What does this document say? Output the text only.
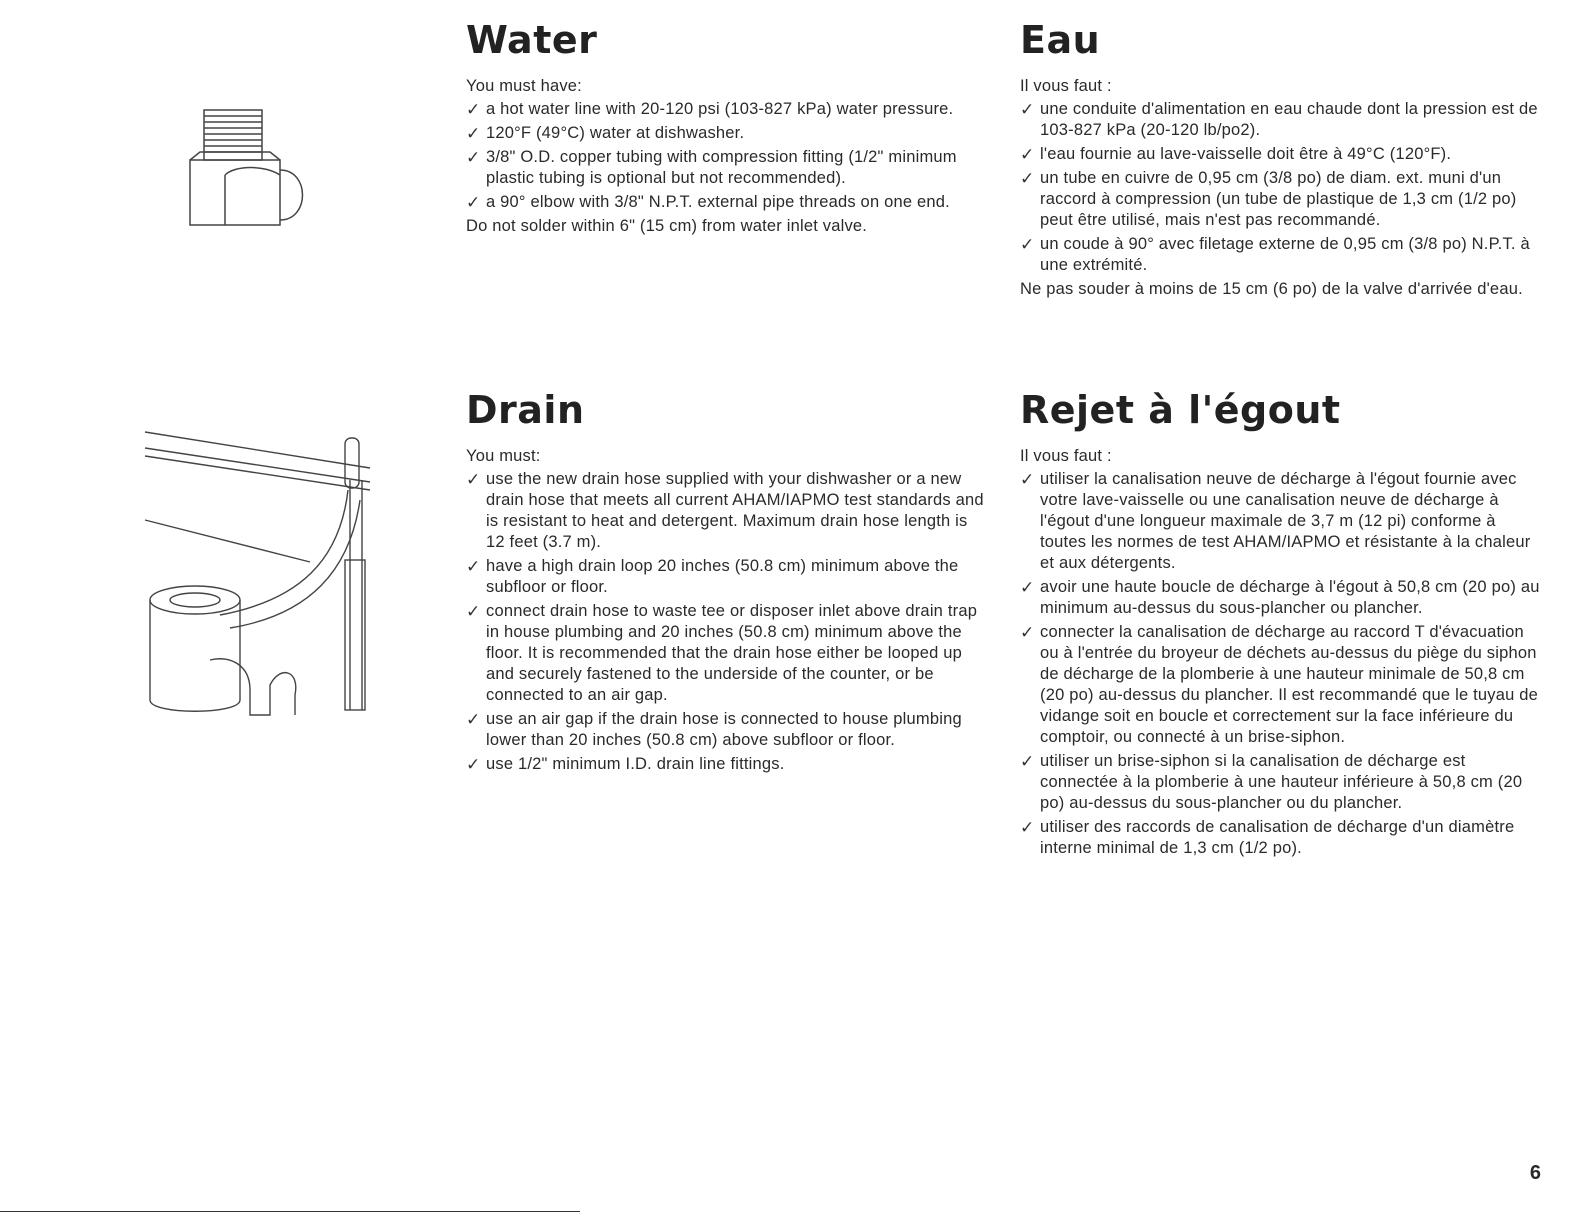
Water

You must have:

✓ a hot water line with 20-120 psi (103-827 kPa) water pressure.
✓ 120°F (49°C) water at dishwasher.
✓ 3/8" O.D. copper tubing with compression fitting (1/2" minimum plastic tubing is optional but not recommended).
✓ a 90° elbow with 3/8" N.P.T. external pipe threads on one end.

Do not solder within 6" (15 cm) from water inlet valve.

Eau

Il vous faut :

✓ une conduite d'alimentation en eau chaude dont la pression est de 103-827 kPa (20-120 lb/po2).
✓ l'eau fournie au lave-vaisselle doit être à 49°C (120°F).
✓ un tube en cuivre de 0,95 cm (3/8 po) de diam. ext. muni d'un raccord à compression (un tube de plastique de 1,3 cm (1/2 po) peut être utilisé, mais n'est pas recommandé.
✓ un coude à 90° avec filetage externe de 0,95 cm (3/8 po) N.P.T. à une extrémité.

Ne pas souder à moins de 15 cm (6 po) de la valve d'arrivée d'eau.

Drain

You must:

✓ use the new drain hose supplied with your dishwasher or a new drain hose that meets all current AHAM/IAPMO test standards and is resistant to heat and detergent. Maximum drain hose length is 12 feet (3.7 m).
✓ have a high drain loop 20 inches (50.8 cm) minimum above the subfloor or floor.
✓ connect drain hose to waste tee or disposer inlet above drain trap in house plumbing and 20 inches (50.8 cm) minimum above the floor. It is recommended that the drain hose either be looped up and securely fastened to the underside of the counter, or be connected to an air gap.
✓ use an air gap if the drain hose is connected to house plumbing lower than 20 inches (50.8 cm) above subfloor or floor.
✓ use 1/2" minimum I.D. drain line fittings.
Rejet à l'égout

Il vous faut :

✓ utiliser la canalisation neuve de décharge à l'égout fournie avec votre lave-vaisselle ou une canalisation neuve de décharge à l'égout d'une longueur maximale de 3,7 m (12 pi) conforme à toutes les normes de test AHAM/IAPMO et résistante à la chaleur et aux détergents.
✓ avoir une haute boucle de décharge à l'égout à 50,8 cm (20 po) au minimum au-dessus du sous-plancher ou plancher.
✓ connecter la canalisation de décharge au raccord T d'évacuation ou à l'entrée du broyeur de déchets au-dessus du piège du siphon de décharge de la plomberie à une hauteur minimale de 50,8 cm (20 po) au-dessus du plancher. Il est recommandé que le tuyau de vidange soit en boucle et correctement sur la face inférieure du comptoir, ou connecté à un brise-siphon.
✓ utiliser un brise-siphon si la canalisation de décharge est connectée à la plomberie à une hauteur inférieure à 50,8 cm (20 po) au-dessus du sous-plancher ou du plancher.
✓ utiliser des raccords de canalisation de décharge d'un diamètre interne minimal de 1,3 cm (1/2 po).
6
